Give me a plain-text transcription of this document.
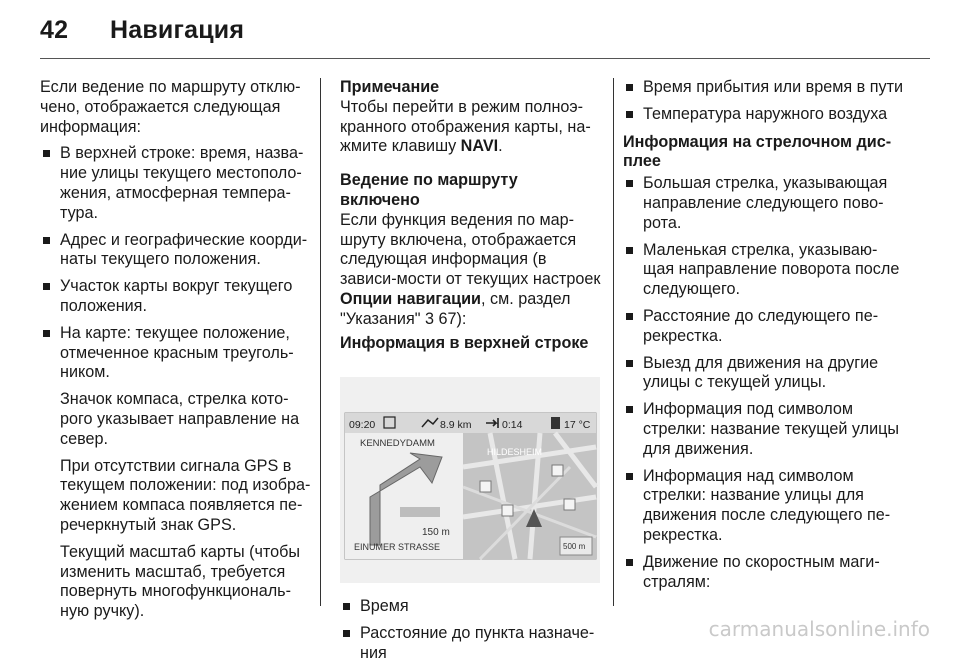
42 Навигация

Если ведение по маршруту отклю-чено, отображается следующая информация:

В верхней строке: время, назва-ние улицы текущего местополо-жения, атмосферная темпера-тура.
Адрес и географические коорди-наты текущего положения.
Участок карты вокруг текущего положения.
На карте: текущее положение, отмеченное красным треуголь-ником.
Значок компаса, стрелка кото-рого указывает направление на север.
При отсутствии сигнала GPS в текущем положении: под изобра-жением компаса появляется пе-речеркнутый знак GPS.
Текущий масштаб карты (чтобы изменить масштаб, требуется повернуть многофункциональ-ную ручку).
Примечание
Чтобы перейти в режим полноэ-кранного отображения карты, на-жмите клавишу NAVI.
Ведение по маршруту включено
Если функция ведения по мар-шруту включена, отображается следующая информация (в зависи-мости от текущих настроек Опции навигации, см. раздел "Указания" 3 67):
Информация в верхней строке
09:20	8.9 km	0:14	17 °C
KENNEDYDAMM
150 m
EINUMER STRASSE
HILDESHEIM
500 m
Время
Расстояние до пункта назначе-ния
Время прибытия или время в пути
Температура наружного воздуха
Информация на стрелочном дис-плее
Большая стрелка, указывающая направление следующего пово-рота.
Маленькая стрелка, указываю-щая направление поворота после следующего.
Расстояние до следующего пе-рекрестка.
Выезд для движения на другие улицы с текущей улицы.
Информация под символом стрелки: название текущей улицы для движения.
Информация над символом стрелки: название улицы для движения после следующего пе-рекрестка.
Движение по скоростным маги-стралям:
carmanualsonline.info
